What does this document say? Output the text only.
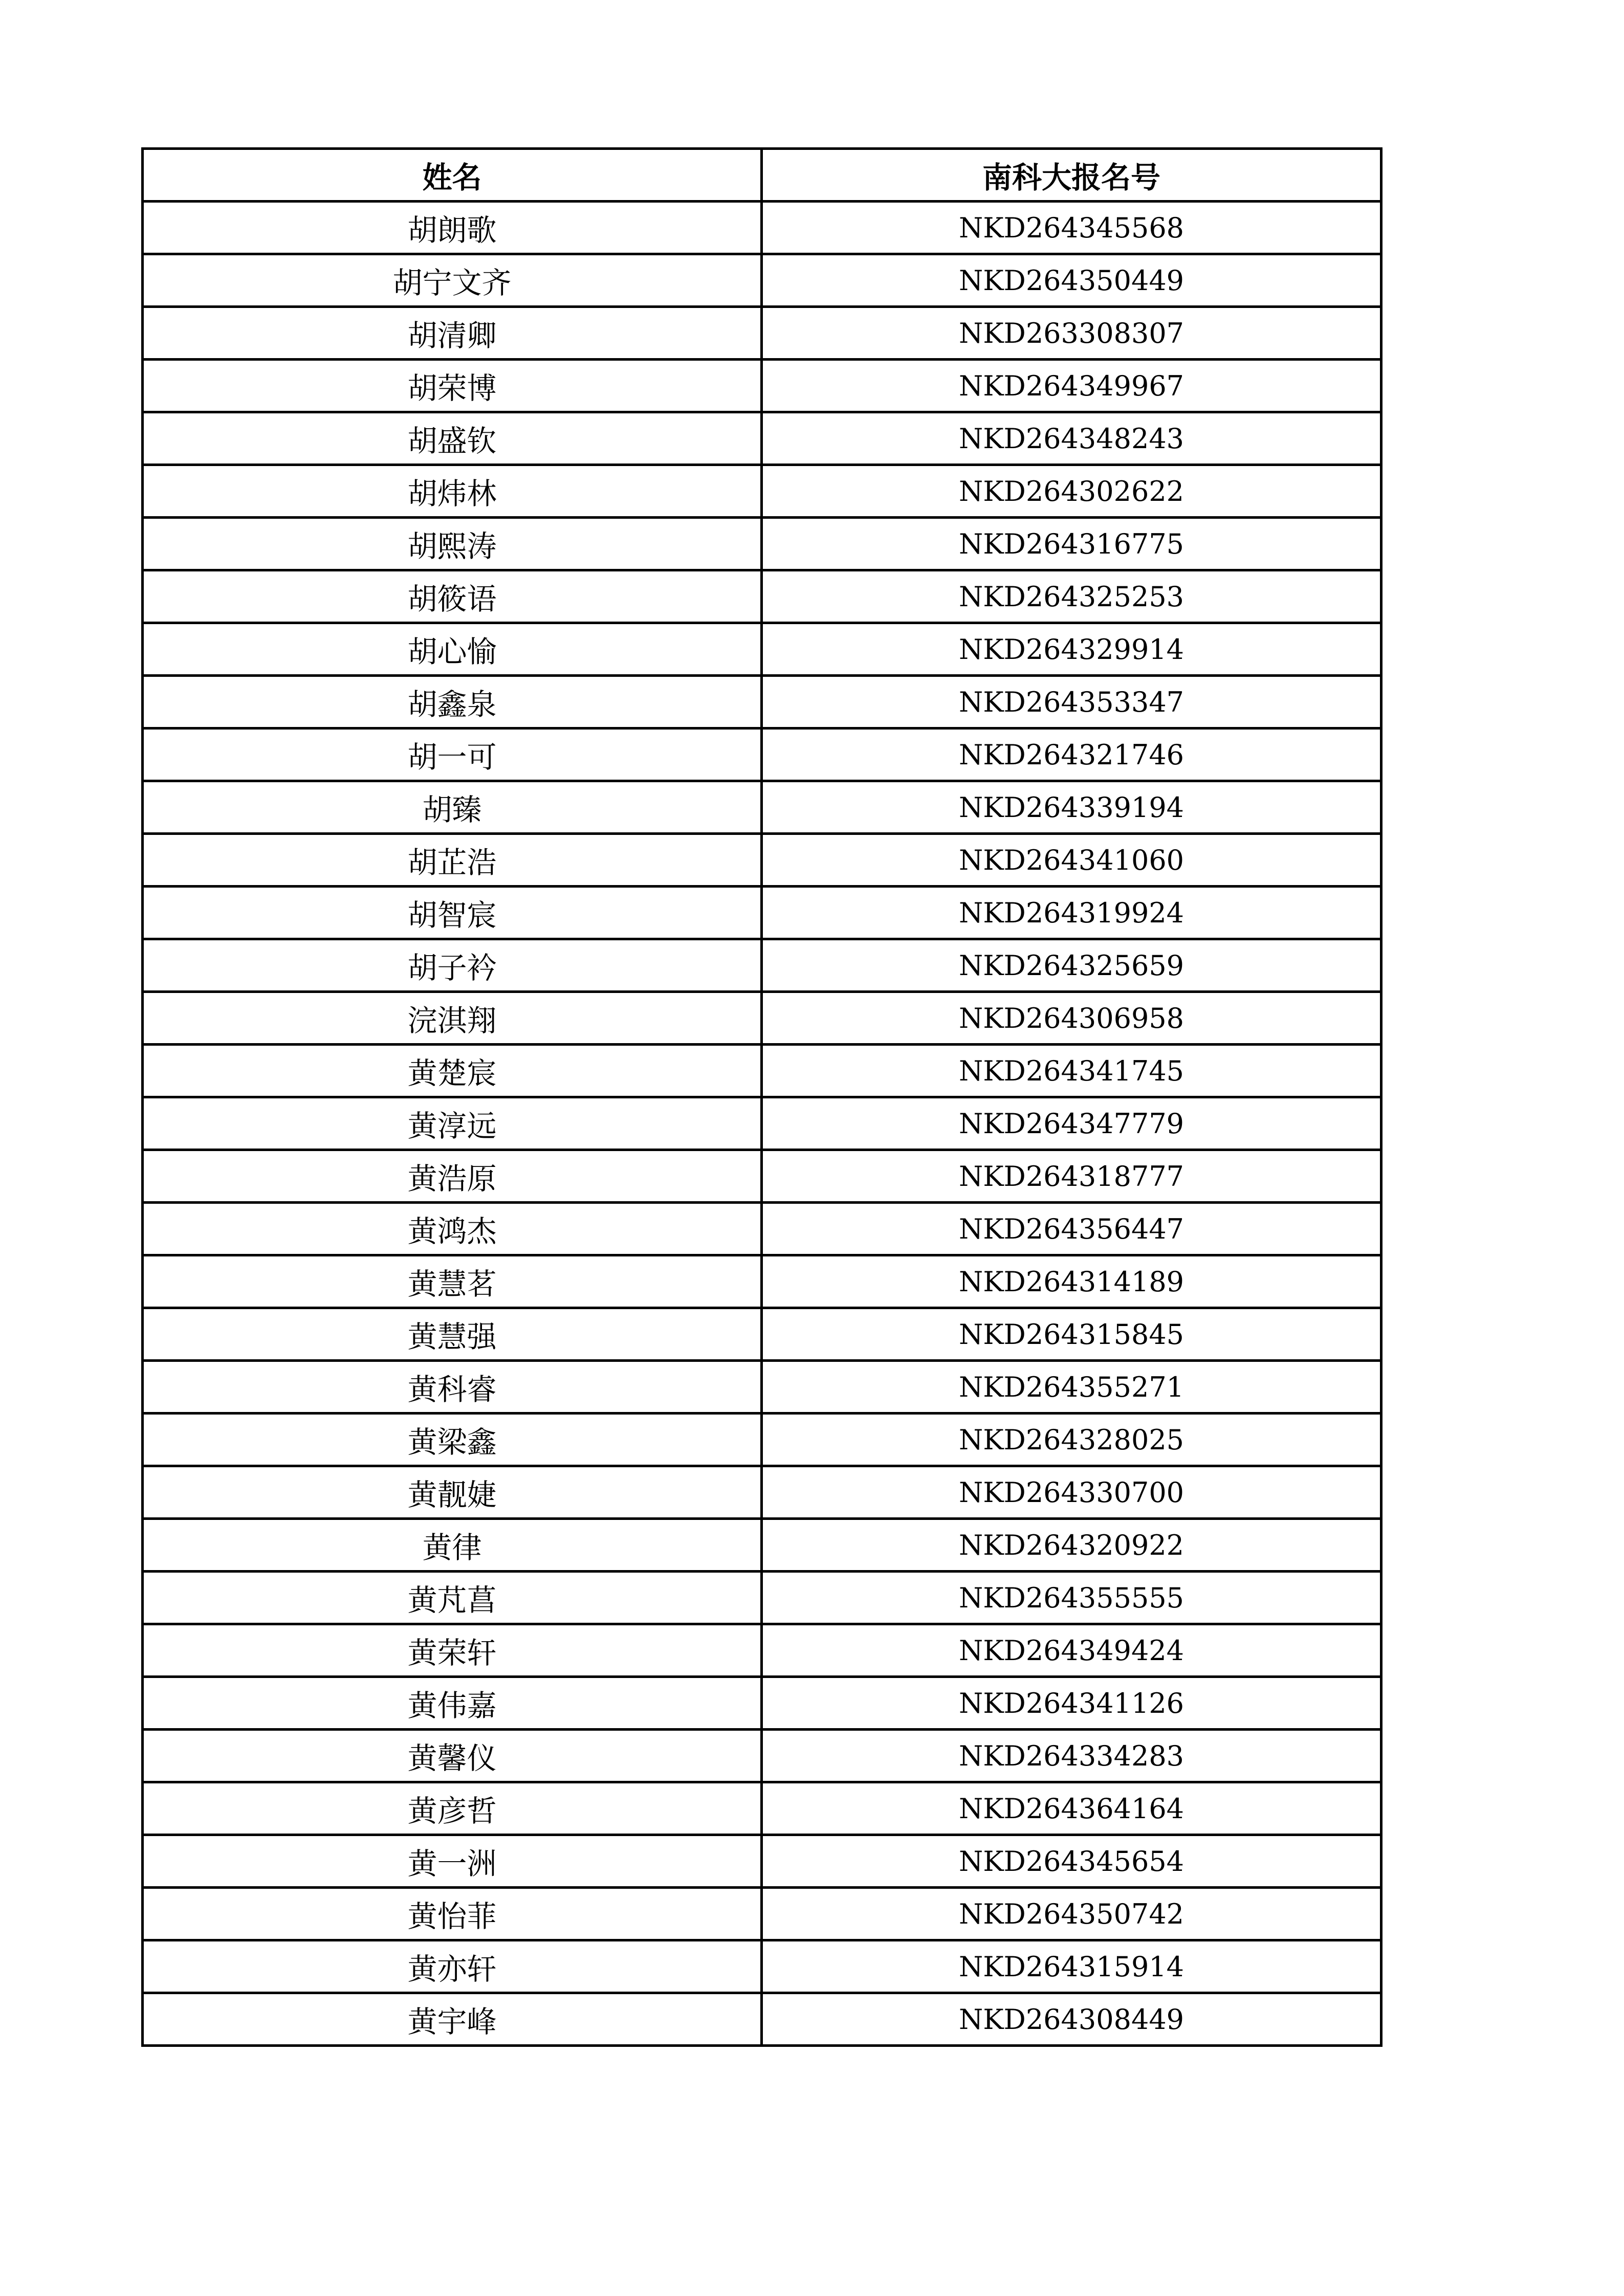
姓名	南科大报名号
胡朗歌	NKD264345568
胡宁文齐	NKD264350449
胡清卿	NKD263308307
胡荣博	NKD264349967
胡盛钦	NKD264348243
胡炜林	NKD264302622
胡熙涛	NKD264316775
胡筱语	NKD264325253
胡心愉	NKD264329914
胡鑫泉	NKD264353347
胡一可	NKD264321746
胡臻	NKD264339194
胡芷浩	NKD264341060
胡智宸	NKD264319924
胡子衿	NKD264325659
浣淇翔	NKD264306958
黄楚宸	NKD264341745
黄淳远	NKD264347779
黄浩原	NKD264318777
黄鸿杰	NKD264356447
黄慧茗	NKD264314189
黄慧强	NKD264315845
黄科睿	NKD264355271
黄梁鑫	NKD264328025
黄靓婕	NKD264330700
黄律	NKD264320922
黄芃菖	NKD264355555
黄荣轩	NKD264349424
黄伟嘉	NKD264341126
黄馨仪	NKD264334283
黄彦哲	NKD264364164
黄一洲	NKD264345654
黄怡菲	NKD264350742
黄亦轩	NKD264315914
黄宇峰	NKD264308449
